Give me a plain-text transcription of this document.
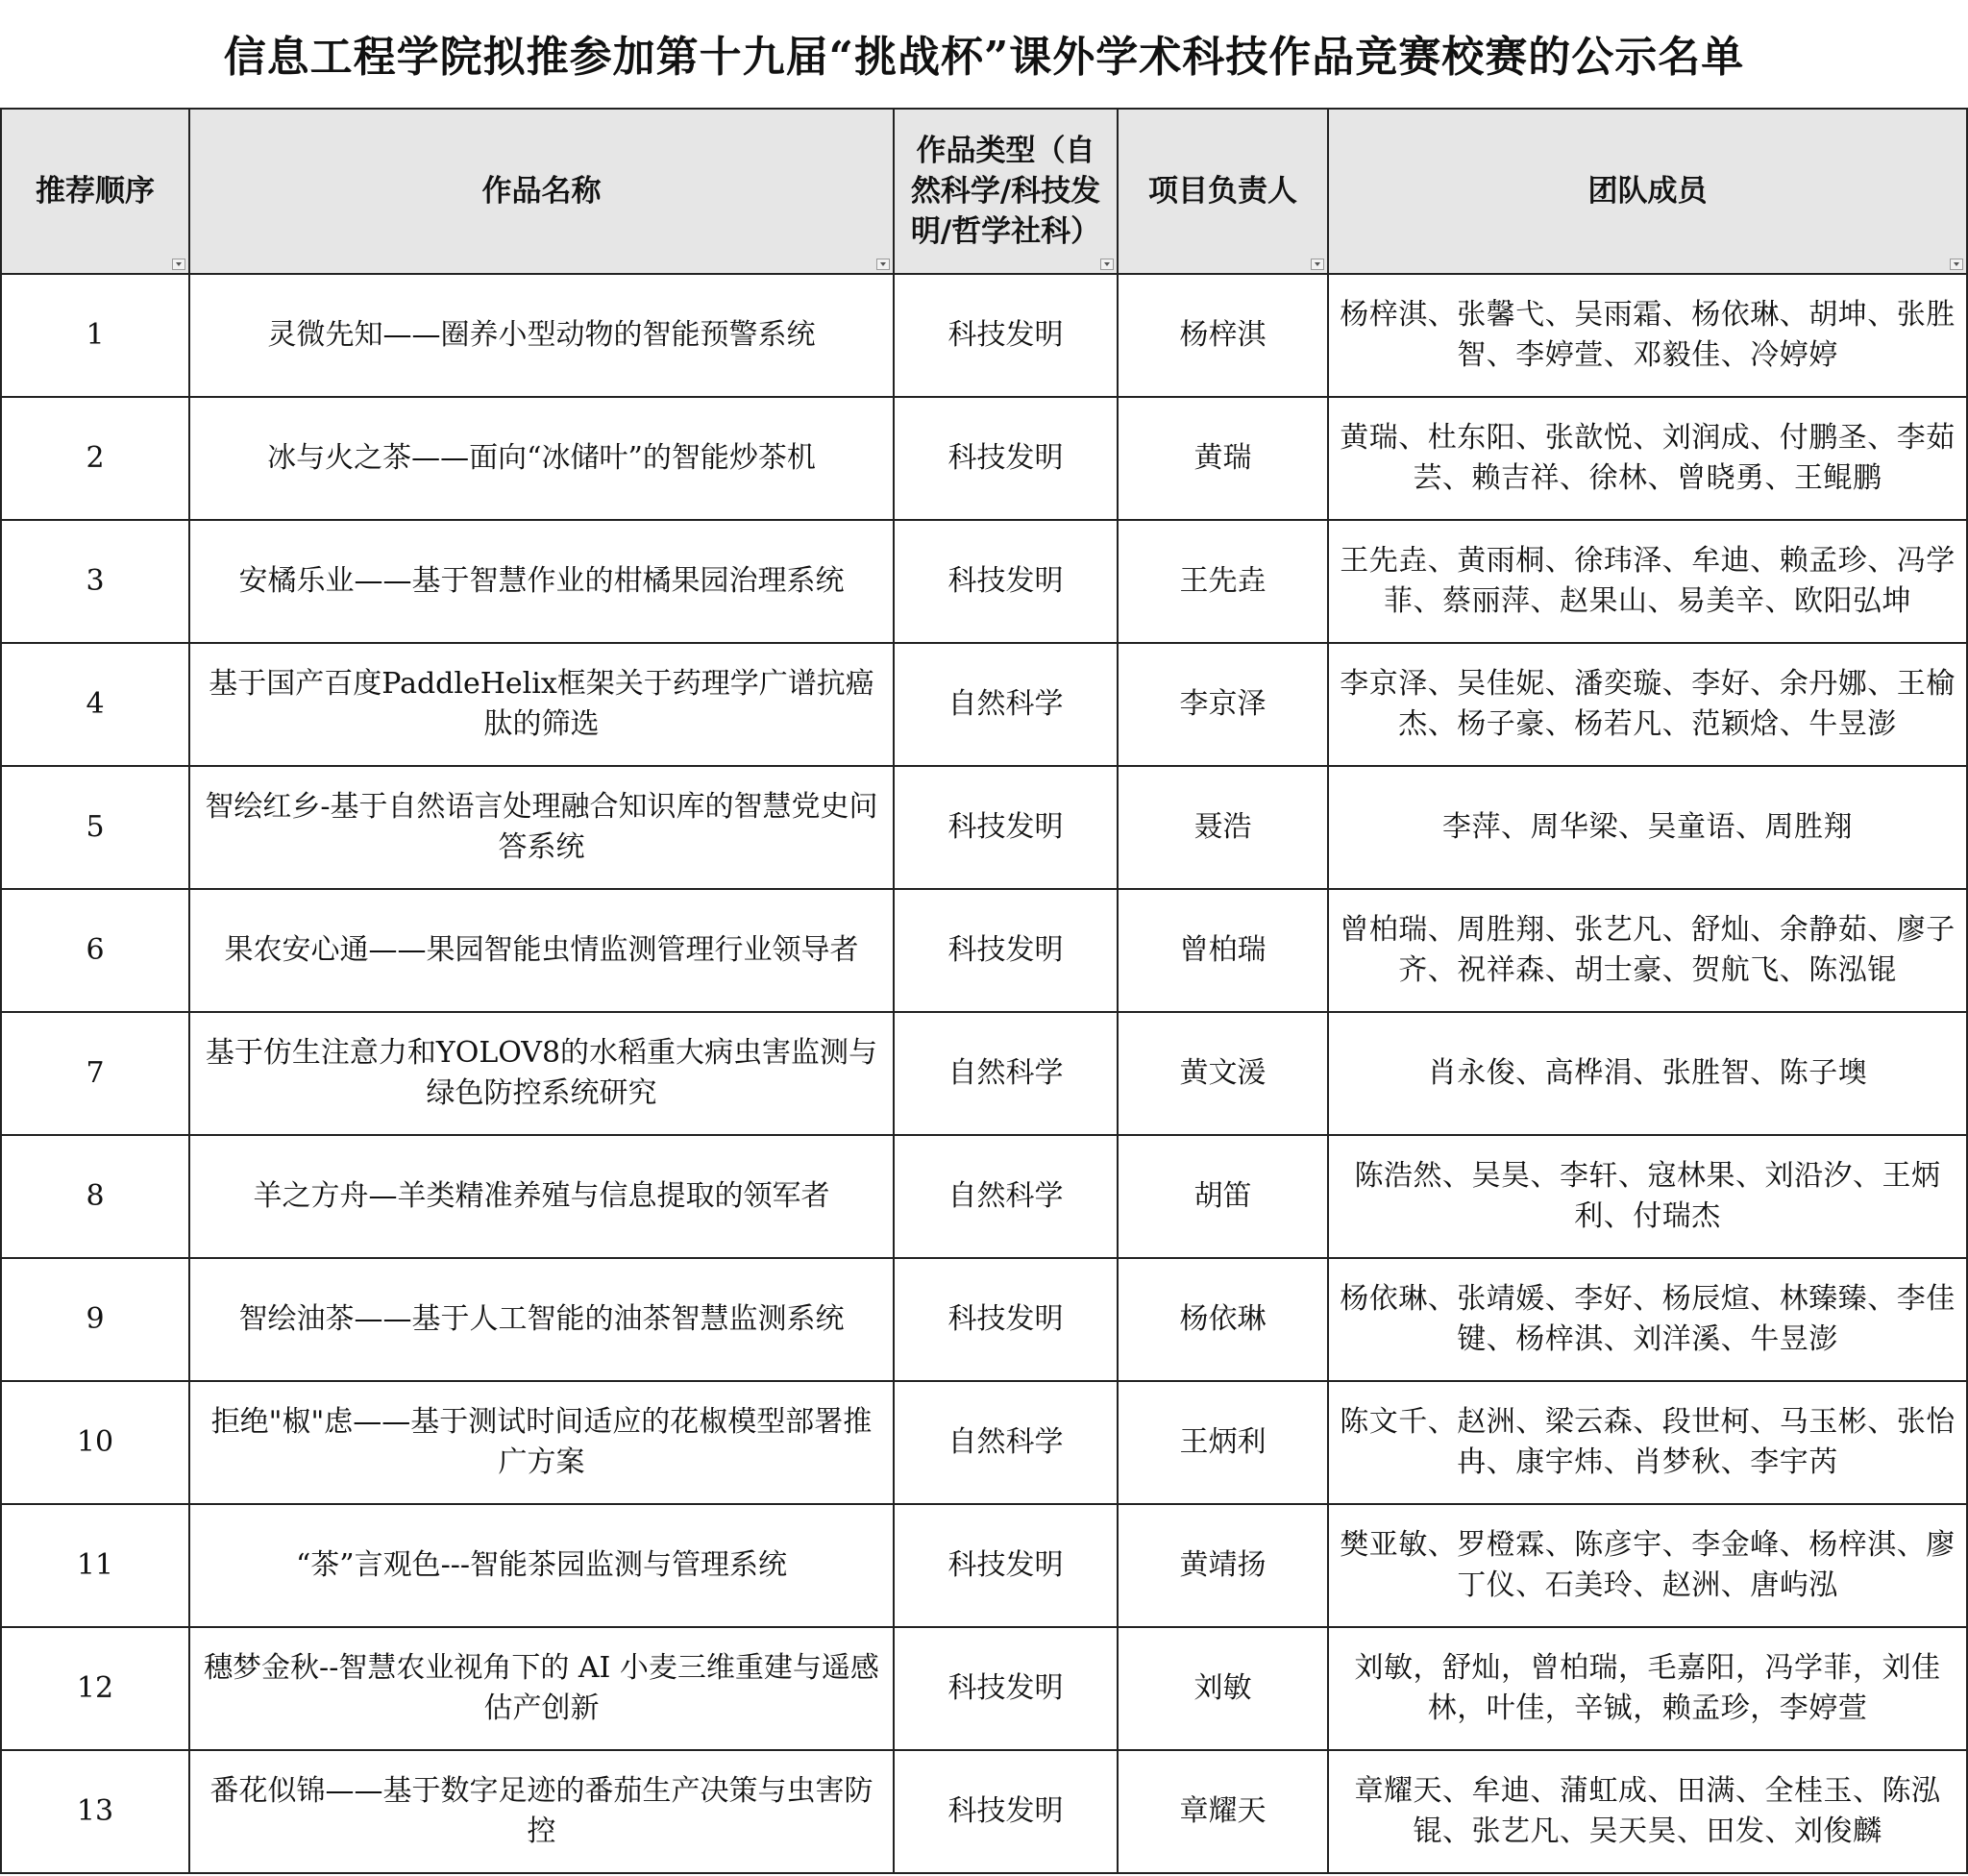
信息工程学院拟推参加第十九届“挑战杯”课外学术科技作品竞赛校赛的公示名单
推荐顺序	作品名称	作品类型（自然科学/科技发明/哲学社科）	项目负责人	团队成员

1	灵微先知——圈养小型动物的智能预警系统	科技发明	杨梓淇	杨梓淇、张馨弋、吴雨霜、杨依琳、胡坤、张胜智、李婷萱、邓毅佳、冷婷婷
2	冰与火之茶——面向“冰储叶”的智能炒茶机	科技发明	黄瑞	黄瑞、杜东阳、张歆悦、刘润成、付鹏圣、李茹芸、赖吉祥、徐林、曾晓勇、王鲲鹏
3	安橘乐业——基于智慧作业的柑橘果园治理系统	科技发明	王先垚	王先垚、黄雨桐、徐玮泽、牟迪、赖孟珍、冯学菲、蔡丽萍、赵果山、易美辛、欧阳弘坤
4	基于国产百度PaddleHelix框架关于药理学广谱抗癌肽的筛选	自然科学	李京泽	李京泽、吴佳妮、潘奕璇、李好、余丹娜、王榆杰、杨子豪、杨若凡、范颖焓、牛昱澎
5	智绘红乡-基于自然语言处理融合知识库的智慧党史问答系统	科技发明	聂浩	李萍、周华梁、吴童语、周胜翔
6	果农安心通——果园智能虫情监测管理行业领导者	科技发明	曾柏瑞	曾柏瑞、周胜翔、张艺凡、舒灿、余静茹、廖子齐、祝祥森、胡士豪、贺航飞、陈泓锟
7	基于仿生注意力和YOLOV8的水稻重大病虫害监测与绿色防控系统研究	自然科学	黄文湲	肖永俊、高桦涓、张胜智、陈子墺
8	羊之方舟—羊类精准养殖与信息提取的领军者	自然科学	胡笛	陈浩然、吴昊、李轩、寇林果、刘沿汐、王炳利、付瑞杰
9	智绘油茶——基于人工智能的油茶智慧监测系统	科技发明	杨依琳	杨依琳、张靖媛、李好、杨辰煊、林臻臻、李佳键、杨梓淇、刘洋溪、牛昱澎
10	拒绝"椒"虑——基于测试时间适应的花椒模型部署推广方案	自然科学	王炳利	陈文千、赵洲、梁云森、段世柯、马玉彬、张怡冉、康宇炜、肖梦秋、李宇芮
11	“茶”言观色---智能茶园监测与管理系统	科技发明	黄靖扬	樊亚敏、罗橙霖、陈彦宇、李金峰、杨梓淇、廖丁仪、石美玲、赵洲、唐屿泓
12	穗梦金秋--智慧农业视角下的 AI 小麦三维重建与遥感估产创新	科技发明	刘敏	刘敏，舒灿，曾柏瑞，毛嘉阳，冯学菲，刘佳林，叶佳，辛铖，赖孟珍，李婷萱
13	番花似锦——基于数字足迹的番茄生产决策与虫害防控	科技发明	章耀天	章耀天、牟迪、蒲虹成、田满、全桂玉、陈泓锟、张艺凡、吴天昊、田发、刘俊麟
